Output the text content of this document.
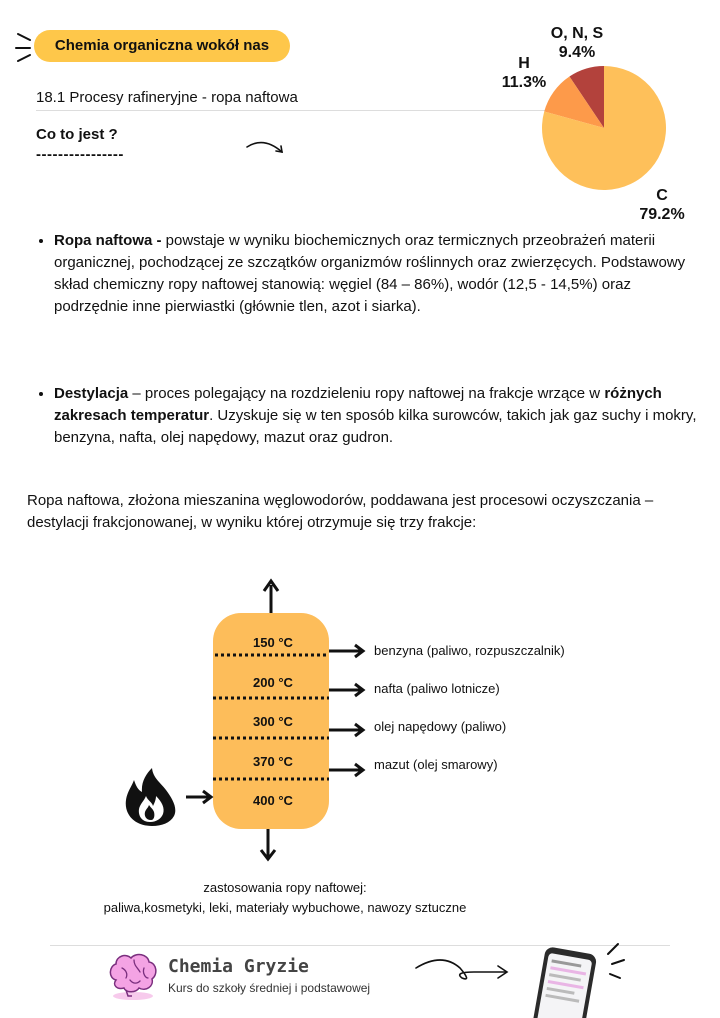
Chemia organiczna wokół nas
18.1 Procesy rafineryjne - ropa naftowa
Co to jest ?
----------------
O, N, S
9.4%
H
11.3%
C
79.2%
• Ropa naftowa - powstaje w wyniku biochemicznych oraz termicznych przeobrażeń materii organicznej, pochodzącej ze szczątków organizmów roślinnych oraz zwierzęcych. Podstawowy skład chemiczny ropy naftowej stanowią: węgiel (84 – 86%), wodór (12,5 - 14,5%) oraz podrzędnie inne pierwiastki (głównie tlen, azot i siarka).
• Destylacja – proces polegający na rozdzieleniu ropy naftowej na frakcje wrzące w różnych zakresach temperatur. Uzyskuje się w ten sposób kilka surowców, takich jak gaz suchy i mokry, benzyna, nafta, olej napędowy, mazut oraz gudron.
Ropa naftowa, złożona mieszanina węglowodorów, poddawana jest procesowi oczyszczania – destylacji frakcjonowanej, w wyniku której otrzymuje się trzy frakcje:
150 °C
200 °C
300 °C
370 °C
400 °C
benzyna (paliwo, rozpuszczalnik)
nafta (paliwo lotnicze)
olej napędowy (paliwo)
mazut (olej smarowy)
zastosowania ropy naftowej:
paliwa,kosmetyki, leki, materiały wybuchowe, nawozy sztuczne
Chemia Gryzie
Kurs do szkoły średniej i podstawowej
